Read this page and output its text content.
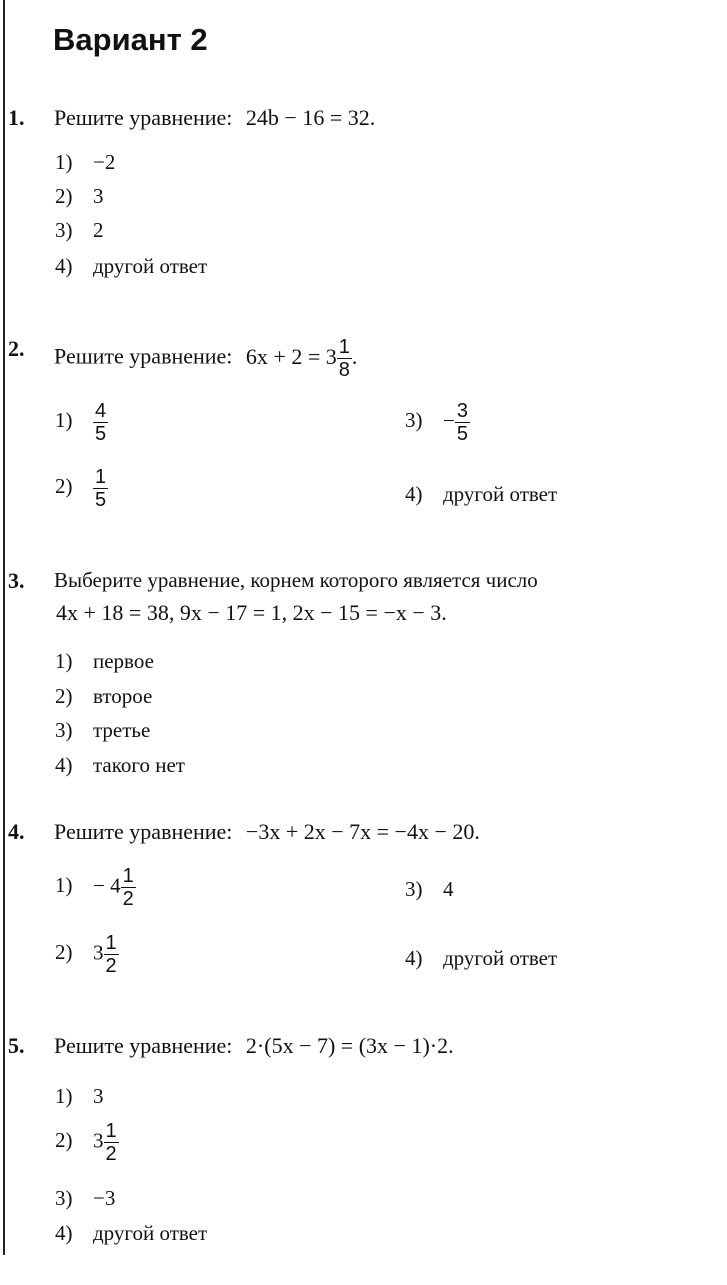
Вариант 2
1. Решите уравнение: 24b − 16 = 32.
1) −2
2) 3
3) 2
4) другой ответ
2. Решите уравнение: $6x + 2 = 3 \frac{1}{8}$ .
$1) \frac{4}{5}$
$2) \frac{1}{5}$
$3) - \frac{3}{5}$
4) другой ответ
3. Выберите уравнение, корнем которого является число
4x + 18 = 38, 9x − 17 = 1, 2x − 15 = −x − 3.
1) первое
2) второе
3) третье
4) такого нет
4. Решите уравнение: −3x + 2x − 7x = −4x − 20.
$1) - 4 \frac{1}{2}$
2) $3 \frac{1}{2}$
3) 4
4) другой ответ
5. Решите уравнение: 2·(5x − 7) = (3x − 1)·2.
1) 3
2) $3 \frac{1}{2}$
3) −3
4) другой ответ
